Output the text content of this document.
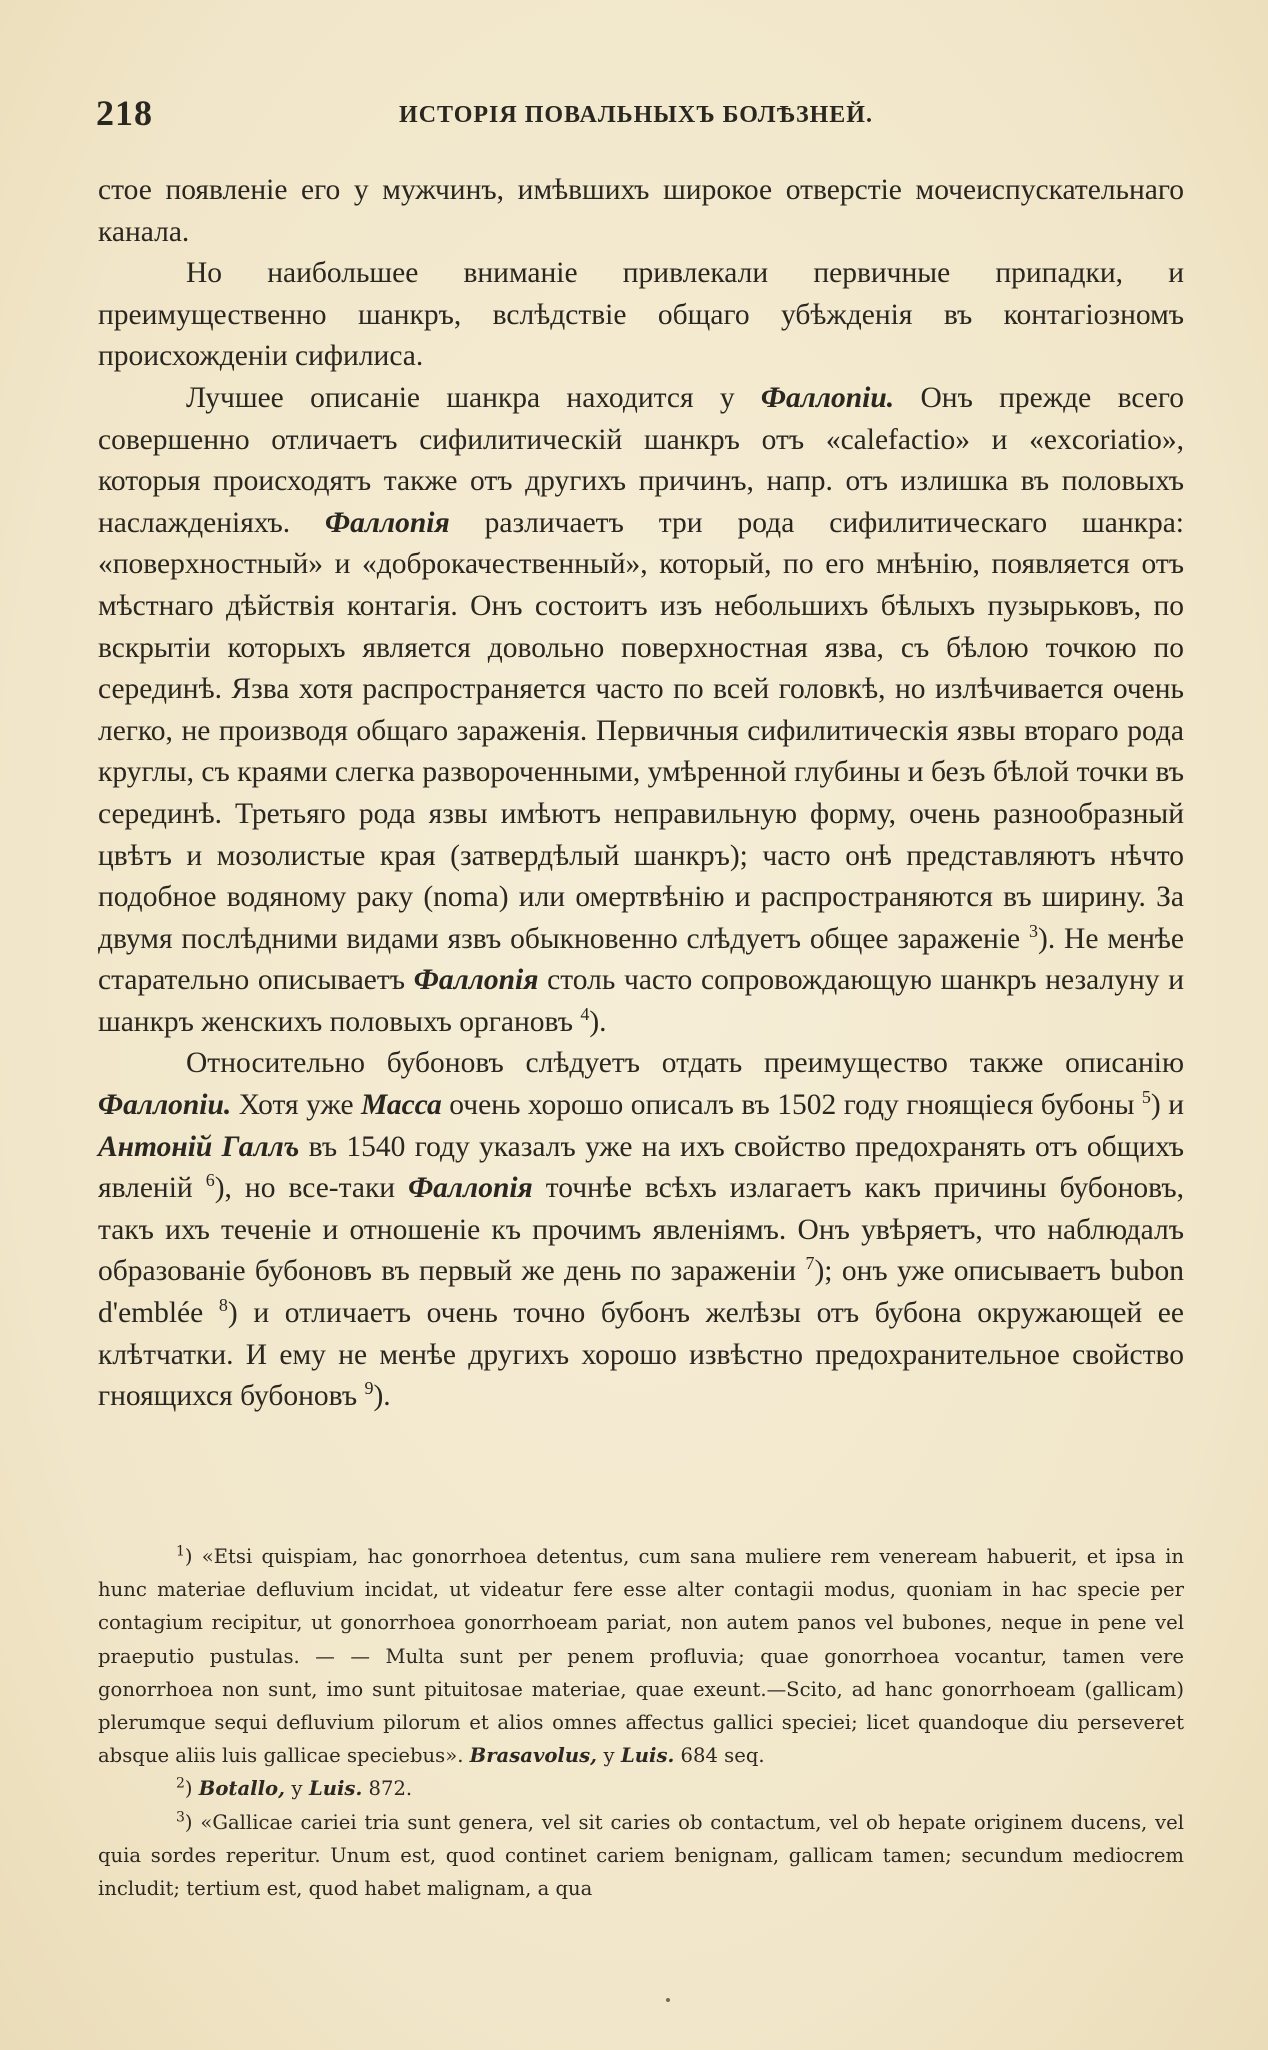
218	ИСТОРІЯ ПОВАЛЬНЫХЪ БОЛѢЗНЕЙ.

стое появленіе его у мужчинъ, имѣвшихъ широкое отверстіе мочеиспускательнаго канала.

Но наибольшее вниманіе привлекали первичные припадки, и преимущественно шанкръ, вслѣдствіе общаго убѣжденія въ контагіозномъ происхожденіи сифилиса.

Лучшее описаніе шанкра находится у Фаллопіи. Онъ прежде всего совершенно отличаетъ сифилитическій шанкръ отъ «calefactio» и «excoriatio», которыя происходятъ также отъ другихъ причинъ, напр. отъ излишка въ половыхъ наслажденіяхъ. Фаллопія различаетъ три рода сифилитическаго шанкра: «поверхностный» и «доброкачественный», который, по его мнѣнію, появляется отъ мѣстнаго дѣйствія контагія. Онъ состоитъ изъ небольшихъ бѣлыхъ пузырьковъ, по вскрытіи которыхъ является довольно поверхностная язва, съ бѣлою точкою по серединѣ. Язва хотя распространяется часто по всей головкѣ, но излѣчивается очень легко, не производя общаго зараженія. Первичныя сифилитическія язвы втораго рода круглы, съ краями слегка развороченными, умѣренной глубины и безъ бѣлой точки въ серединѣ. Третьяго рода язвы имѣютъ неправильную форму, очень разнообразный цвѣтъ и мозолистые края (затвердѣлый шанкръ); часто онѣ представляютъ нѣчто подобное водяному раку (noma) или омертвѣнію и распространяются въ ширину. За двумя послѣдними видами язвъ обыкновенно слѣдуетъ общее зараженіе $^3$). Не менѣе старательно описываетъ Фаллопія столь часто сопровождающую шанкръ незалуну и шанкръ женскихъ половыхъ органовъ $^4$).

Относительно бубоновъ слѣдуетъ отдать преимущество также описанію Фаллопіи. Хотя уже Масса очень хорошо описалъ въ 1502 году гноящіеся бубоны $^5$) и Антоній Галлъ въ 1540 году указалъ уже на ихъ свойство предохранять отъ общихъ явленій $^6$), но все-таки Фаллопія точнѣе всѣхъ излагаетъ какъ причины бубоновъ, такъ ихъ теченіе и отношеніе къ прочимъ явленіямъ. Онъ увѣряетъ, что наблюдалъ образованіе бубоновъ въ первый же день по зараженіи $^7$); онъ уже описываетъ bubon d'emblée $^8$) и отличаетъ очень точно бубонъ желѣзы отъ бубона окружающей ее клѣтчатки. И ему не менѣе другихъ хорошо извѣстно предохранительное свойство гноящихся бубоновъ $^9$).

$^1$) «Etsi quispiam, hac gonorrhoea detentus, cum sana muliere rem veneream habuerit, et ipsa in hunc materiae defluvium incidat, ut videatur fere esse alter contagii modus, quoniam in hac specie per contagium recipitur, ut gonorrhoea gonorrhoeam pariat, non autem panos vel bubones, neque in pene vel praeputio pustulas. — — Multa sunt per penem profluvia; quae gonorrhoea vocantur, tamen vere gonorrhoea non sunt, imo sunt pituitosae materiae, quae exeunt.—Scito, ad hanc gonorrhoeam (gallicam) plerumque sequi defluvium pilorum et alios omnes affectus gallici speciei; licet quandoque diu perseveret absque aliis luis gallicae speciebus». Brasavolus, у Luis. 684 seq.

$^2$) Botallo, у Luis. 872.

$^3$) «Gallicae cariei tria sunt genera, vel sit caries ob contactum, vel ob hepate originem ducens, vel quia sordes reperitur. Unum est, quod continet cariem benignam, gallicam tamen; secundum mediocrem includit; tertium est, quod habet malignam, a qua
